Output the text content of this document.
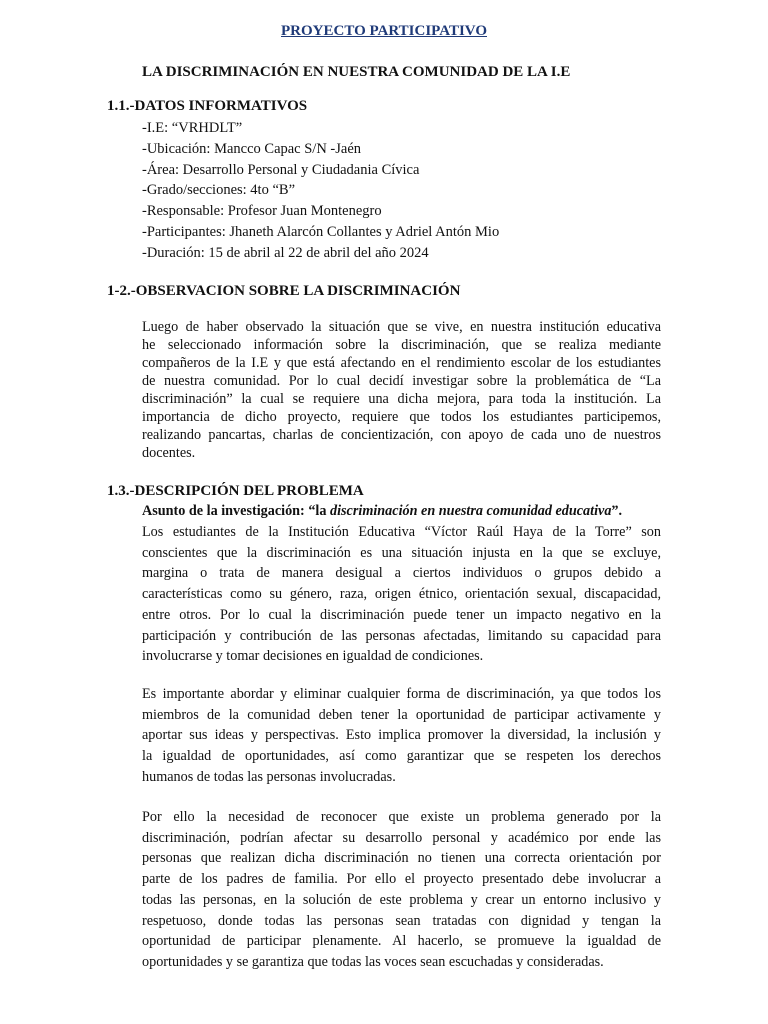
PROYECTO PARTICIPATIVO
LA DISCRIMINACIÓN EN NUESTRA COMUNIDAD DE LA I.E
1.1.-DATOS INFORMATIVOS
-I.E: “VRHDLT”
-Ubicación: Mancco Capac S/N -Jaén
-Área: Desarrollo Personal y Ciudadania Cívica
-Grado/secciones: 4to “B”
-Responsable: Profesor Juan Montenegro
-Participantes: Jhaneth Alarcón Collantes y Adriel Antón Mio
-Duración: 15 de abril al 22 de abril del año 2024
1-2.-OBSERVACION SOBRE LA DISCRIMINACIÓN
Luego de haber observado la situación que se vive, en nuestra institución educativa
he seleccionado información sobre la discriminación, que se realiza mediante
compañeros de la I.E y que está afectando en el rendimiento escolar de los estudiantes
de nuestra comunidad. Por lo cual decidí investigar sobre la problemática de “La
discriminación” la cual se requiere una dicha mejora, para toda la institución. La
importancia de dicho proyecto, requiere que todos los estudiantes participemos,
realizando pancartas, charlas de concientización, con apoyo de cada uno de nuestros
docentes.
1.3.-DESCRIPCIÓN DEL PROBLEMA

Asunto de la investigación: “la discriminación en nuestra comunidad educativa”.

Los estudiantes de la Institución Educativa “Víctor Raúl Haya de la Torre” son
conscientes que la discriminación es una situación injusta en la que se excluye,
margina o trata de manera desigual a ciertos individuos o grupos debido a
características como su género, raza, origen étnico, orientación sexual, discapacidad,
entre otros. Por lo cual la discriminación puede tener un impacto negativo en la
participación y contribución de las personas afectadas, limitando su capacidad para
involucrarse y tomar decisiones en igualdad de condiciones.
Es importante abordar y eliminar cualquier forma de discriminación, ya que todos los
miembros de la comunidad deben tener la oportunidad de participar activamente y
aportar sus ideas y perspectivas. Esto implica promover la diversidad, la inclusión y
la igualdad de oportunidades, así como garantizar que se respeten los derechos
humanos de todas las personas involucradas.
Por ello la necesidad de reconocer que existe un problema generado por la
discriminación, podrían afectar su desarrollo personal y académico por ende las
personas que realizan dicha discriminación no tienen una correcta orientación por
parte de los padres de familia. Por ello el proyecto presentado debe involucrar a
todas las personas, en la solución de este problema y crear un entorno inclusivo y
respetuoso, donde todas las personas sean tratadas con dignidad y tengan la
oportunidad de participar plenamente. Al hacerlo, se promueve la igualdad de
oportunidades y se garantiza que todas las voces sean escuchadas y consideradas.
